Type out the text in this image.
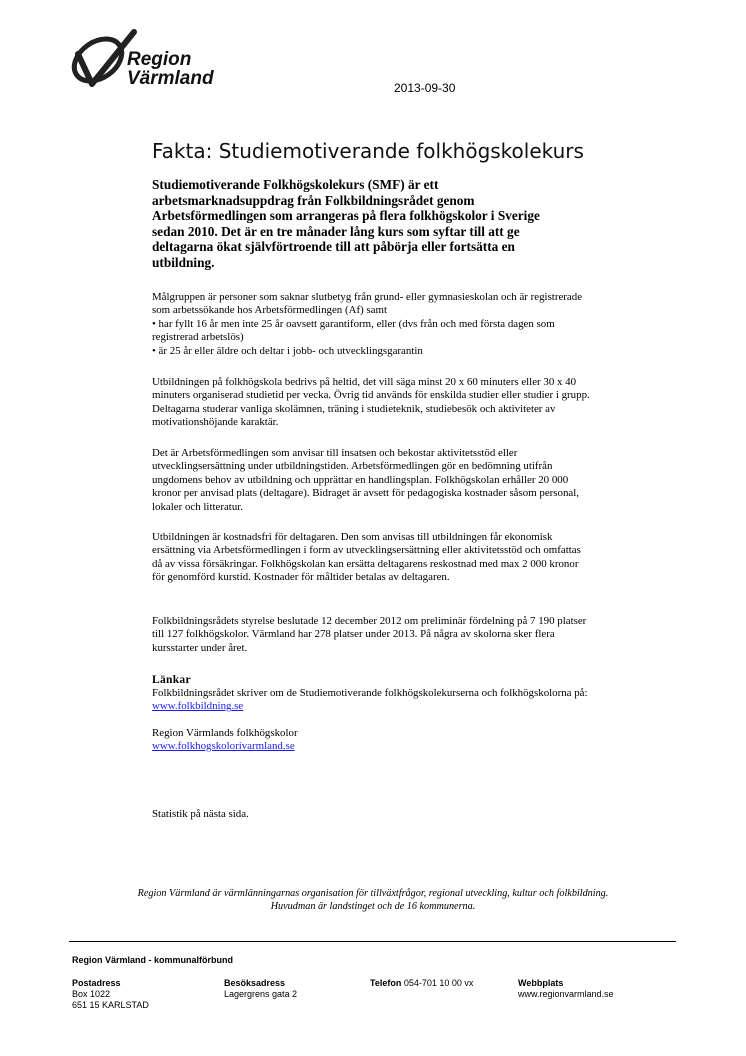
Region
Värmland	2013-09-30
Fakta: Studiemotiverande folkhögskolekurs

Studiemotiverande Folkhögskolekurs (SMF) är ett arbetsmarknadsuppdrag från Folkbildningsrådet genom Arbetsförmedlingen som arrangeras på flera folkhögskolor i Sverige sedan 2010. Det är en tre månader lång kurs som syftar till att ge deltagarna ökat självförtroende till att påbörja eller fortsätta en utbildning.

Målgruppen är personer som saknar slutbetyg från grund- eller gymnasieskolan och är registrerade som arbetssökande hos Arbetsförmedlingen (Af) samt
• har fyllt 16 år men inte 25 år oavsett garantiform, eller (dvs från och med första dagen som registrerad arbetslös)
• är 25 år eller äldre och deltar i jobb- och utvecklingsgarantin

Utbildningen på folkhögskola bedrivs på heltid, det vill säga minst 20 x 60 minuters eller 30 x 40 minuters organiserad studietid per vecka. Övrig tid används för enskilda studier eller studier i grupp. Deltagarna studerar vanliga skolämnen, träning i studieteknik, studiebesök och aktiviteter av motivationshöjande karaktär.

Det är Arbetsförmedlingen som anvisar till insatsen och bekostar aktivitetsstöd eller utvecklingsersättning under utbildningstiden. Arbetsförmedlingen gör en bedömning utifrån ungdomens behov av utbildning och upprättar en handlingsplan. Folkhögskolan erhåller 20 000 kronor per anvisad plats (deltagare). Bidraget är avsett för pedagogiska kostnader såsom personal, lokaler och litteratur.

Utbildningen är kostnadsfri för deltagaren. Den som anvisas till utbildningen får ekonomisk ersättning via Arbetsförmedlingen i form av utvecklingsersättning eller aktivitetsstöd och omfattas då av vissa försäkringar. Folkhögskolan kan ersätta deltagarens reskostnad med max 2 000 kronor för genomförd kurstid. Kostnader för måltider betalas av deltagaren.

Folkbildningsrådets styrelse beslutade 12 december 2012 om preliminär fördelning på 7 190 platser till 127 folkhögskolor. Värmland har 278 platser under 2013. På några av skolorna sker flera kursstarter under året.

Länkar
Folkbildningsrådet skriver om de Studiemotiverande folkhögskolekurserna och folkhögskolorna på:
www.folkbildning.se
Region Värmlands folkhögskolor
www.folkhogskolorivarmland.se

Statistik på nästa sida.

Region Värmland är värmlänningarnas organisation för tillväxtfrågor, regional utveckling, kultur och folkbildning.
Huvudman är landstinget och de 16 kommunerna.
Region Värmland - kommunalförbund
Postadress
Box 1022
651 15 KARLSTAD
Besöksadress
Lagergrens gata 2
Telefon 054-701 10 00 vx	Webbplats
www.regionvarmland.se
